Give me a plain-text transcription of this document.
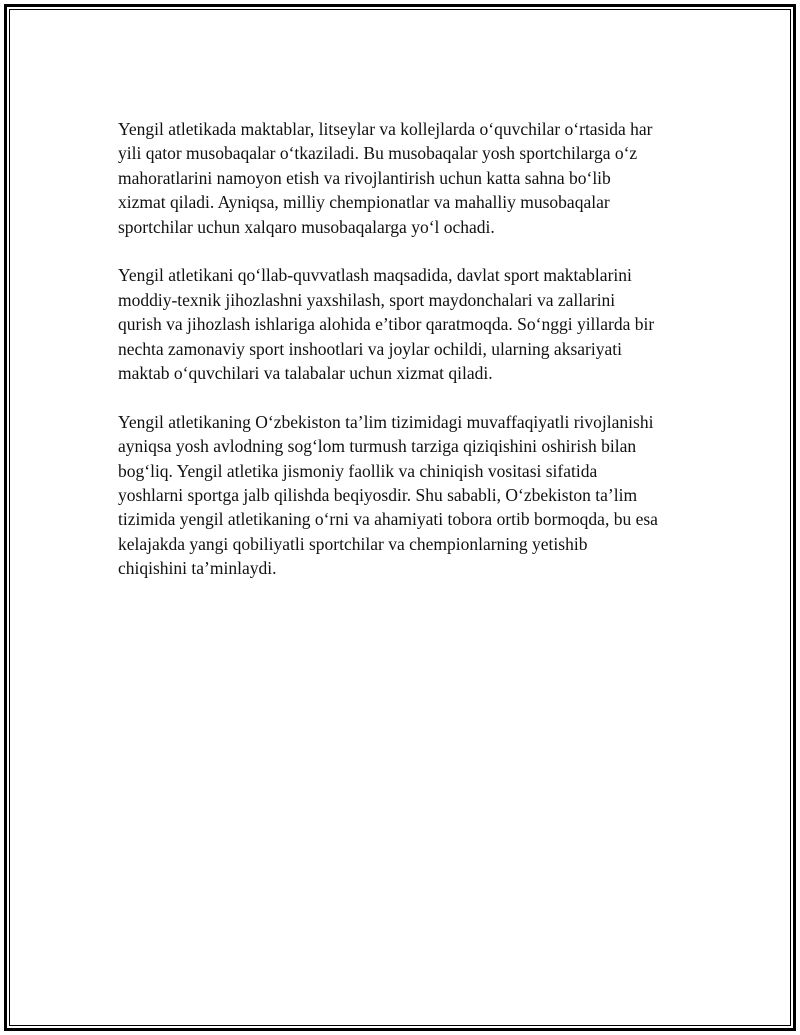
Yengil atletikada maktablar, litseylar va kollejlarda o‘quvchilar o‘rtasida har
yili qator musobaqalar o‘tkaziladi. Bu musobaqalar yosh sportchilarga o‘z
mahoratlarini namoyon etish va rivojlantirish uchun katta sahna bo‘lib
xizmat qiladi. Ayniqsa, milliy chempionatlar va mahalliy musobaqalar
sportchilar uchun xalqaro musobaqalarga yo‘l ochadi.

Yengil atletikani qo‘llab-quvvatlash maqsadida, davlat sport maktablarini
moddiy-texnik jihozlashni yaxshilash, sport maydonchalari va zallarini
qurish va jihozlash ishlariga alohida e’tibor qaratmoqda. So‘nggi yillarda bir
nechta zamonaviy sport inshootlari va joylar ochildi, ularning aksariyati
maktab o‘quvchilari va talabalar uchun xizmat qiladi.

Yengil atletikaning O‘zbekiston ta’lim tizimidagi muvaffaqiyatli rivojlanishi
ayniqsa yosh avlodning sog‘lom turmush tarziga qiziqishini oshirish bilan
bog‘liq. Yengil atletika jismoniy faollik va chiniqish vositasi sifatida
yoshlarni sportga jalb qilishda beqiyosdir. Shu sababli, O‘zbekiston ta’lim
tizimida yengil atletikaning o‘rni va ahamiyati tobora ortib bormoqda, bu esa
kelajakda yangi qobiliyatli sportchilar va chempionlarning yetishib
chiqishini ta’minlaydi.
